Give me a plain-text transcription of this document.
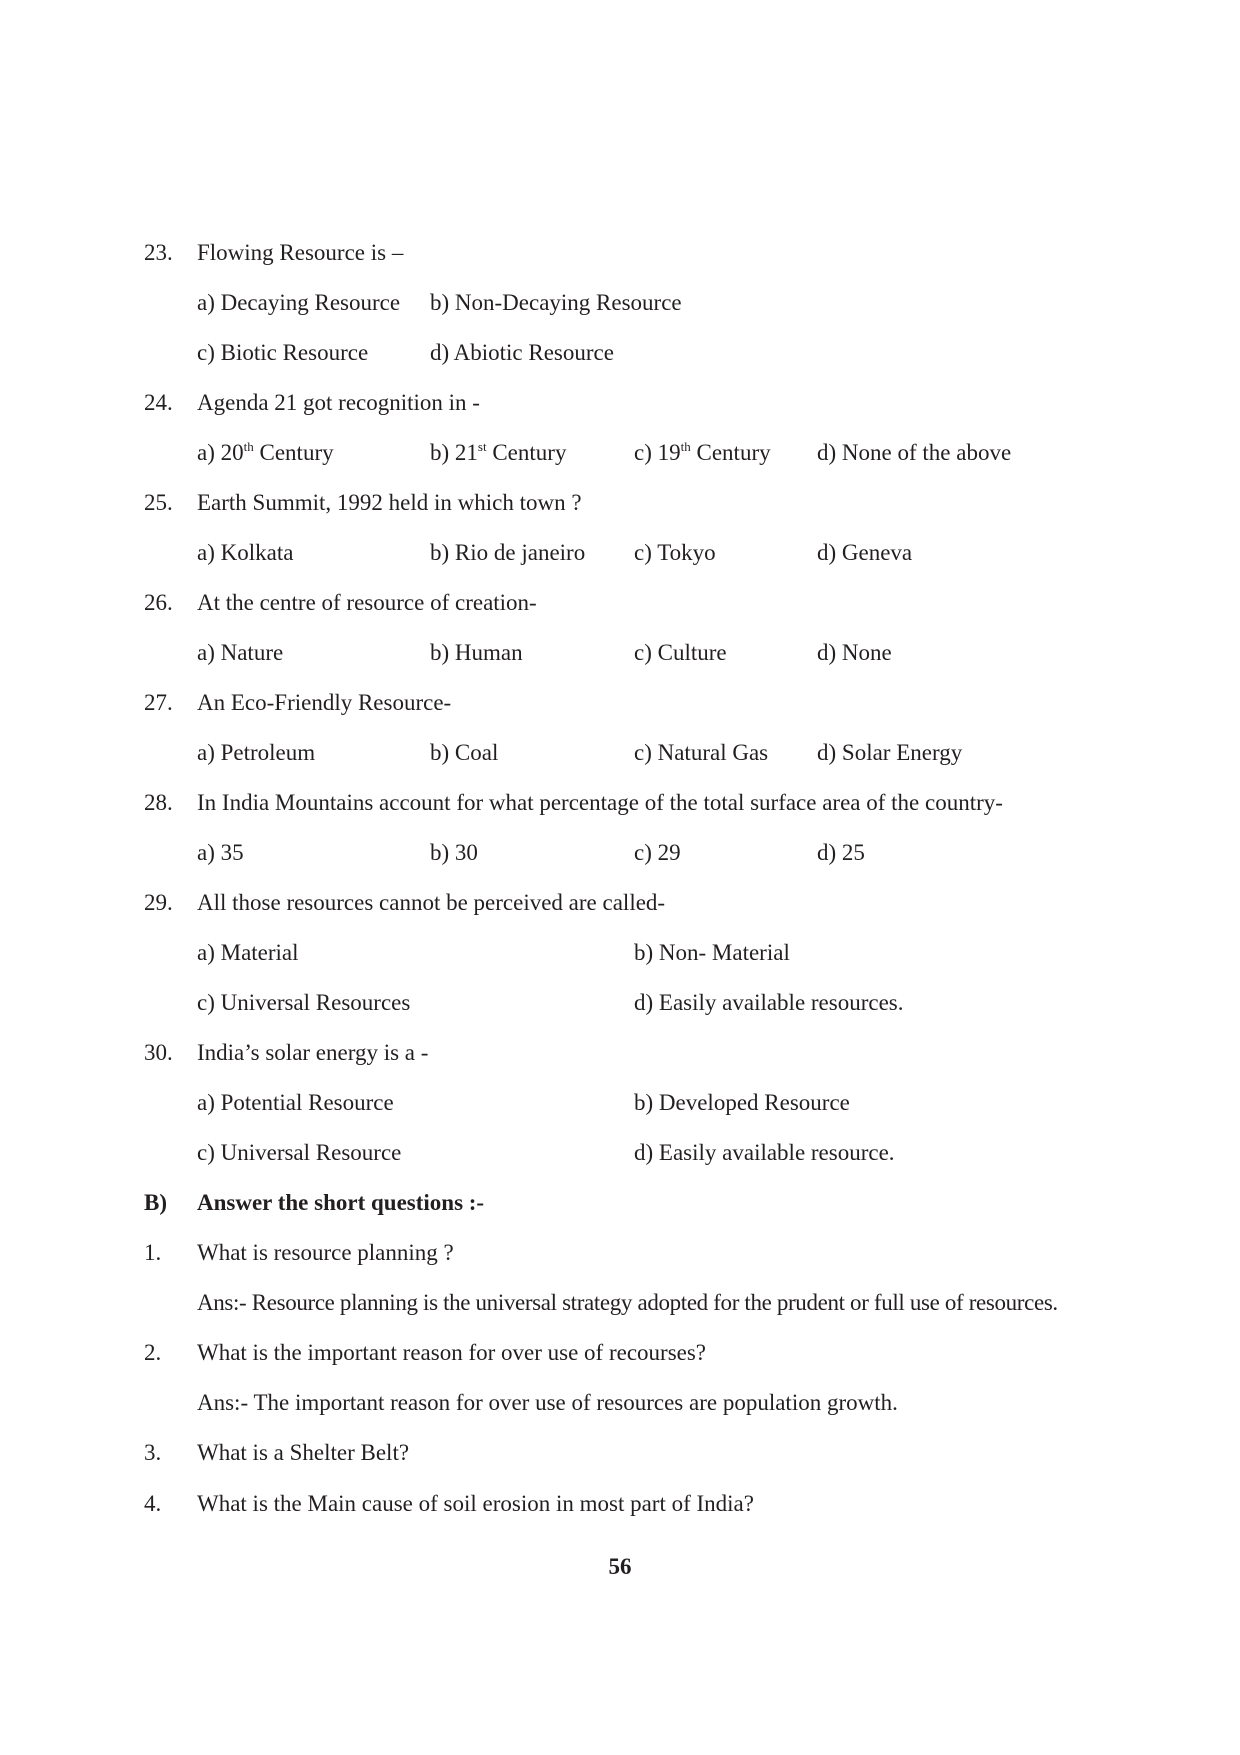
23. Flowing Resource is –
a) Decaying Resource b) Non-Decaying Resource
c) Biotic Resource	d) Abiotic Resource
24. Agenda 21 got recognition in -
a) 20th Century	b) 21st Century	c) 19th Century d) None of the above
25. Earth Summit, 1992 held in which town ?
a) Kolkata	b) Rio de janeiro c) Tokyo	d) Geneva
26. At the centre of resource of creation-
a) Nature	b) Human	c) Culture	d) None
27. An Eco-Friendly Resource-
a) Petroleum	b) Coal	c) Natural Gas d) Solar Energy
28. In India Mountains account for what percentage of the total surface area of the country-
a) 35	b) 30	c) 29	d) 25
29. All those resources cannot be perceived are called-
a) Material	b) Non- Material
c) Universal Resources	d) Easily available resources.
30. India’s solar energy is a -
a) Potential Resource	b) Developed Resource
c) Universal Resource	d) Easily available resource.
B) Answer the short questions :-
1. What is resource planning ?
Ans:- Resource planning is the universal strategy adopted for the prudent or full use of resources.
2. What is the important reason for over use of recourses?
Ans:- The important reason for over use of resources are population growth.
3. What is a Shelter Belt?
4. What is the Main cause of soil erosion in most part of India?
56
